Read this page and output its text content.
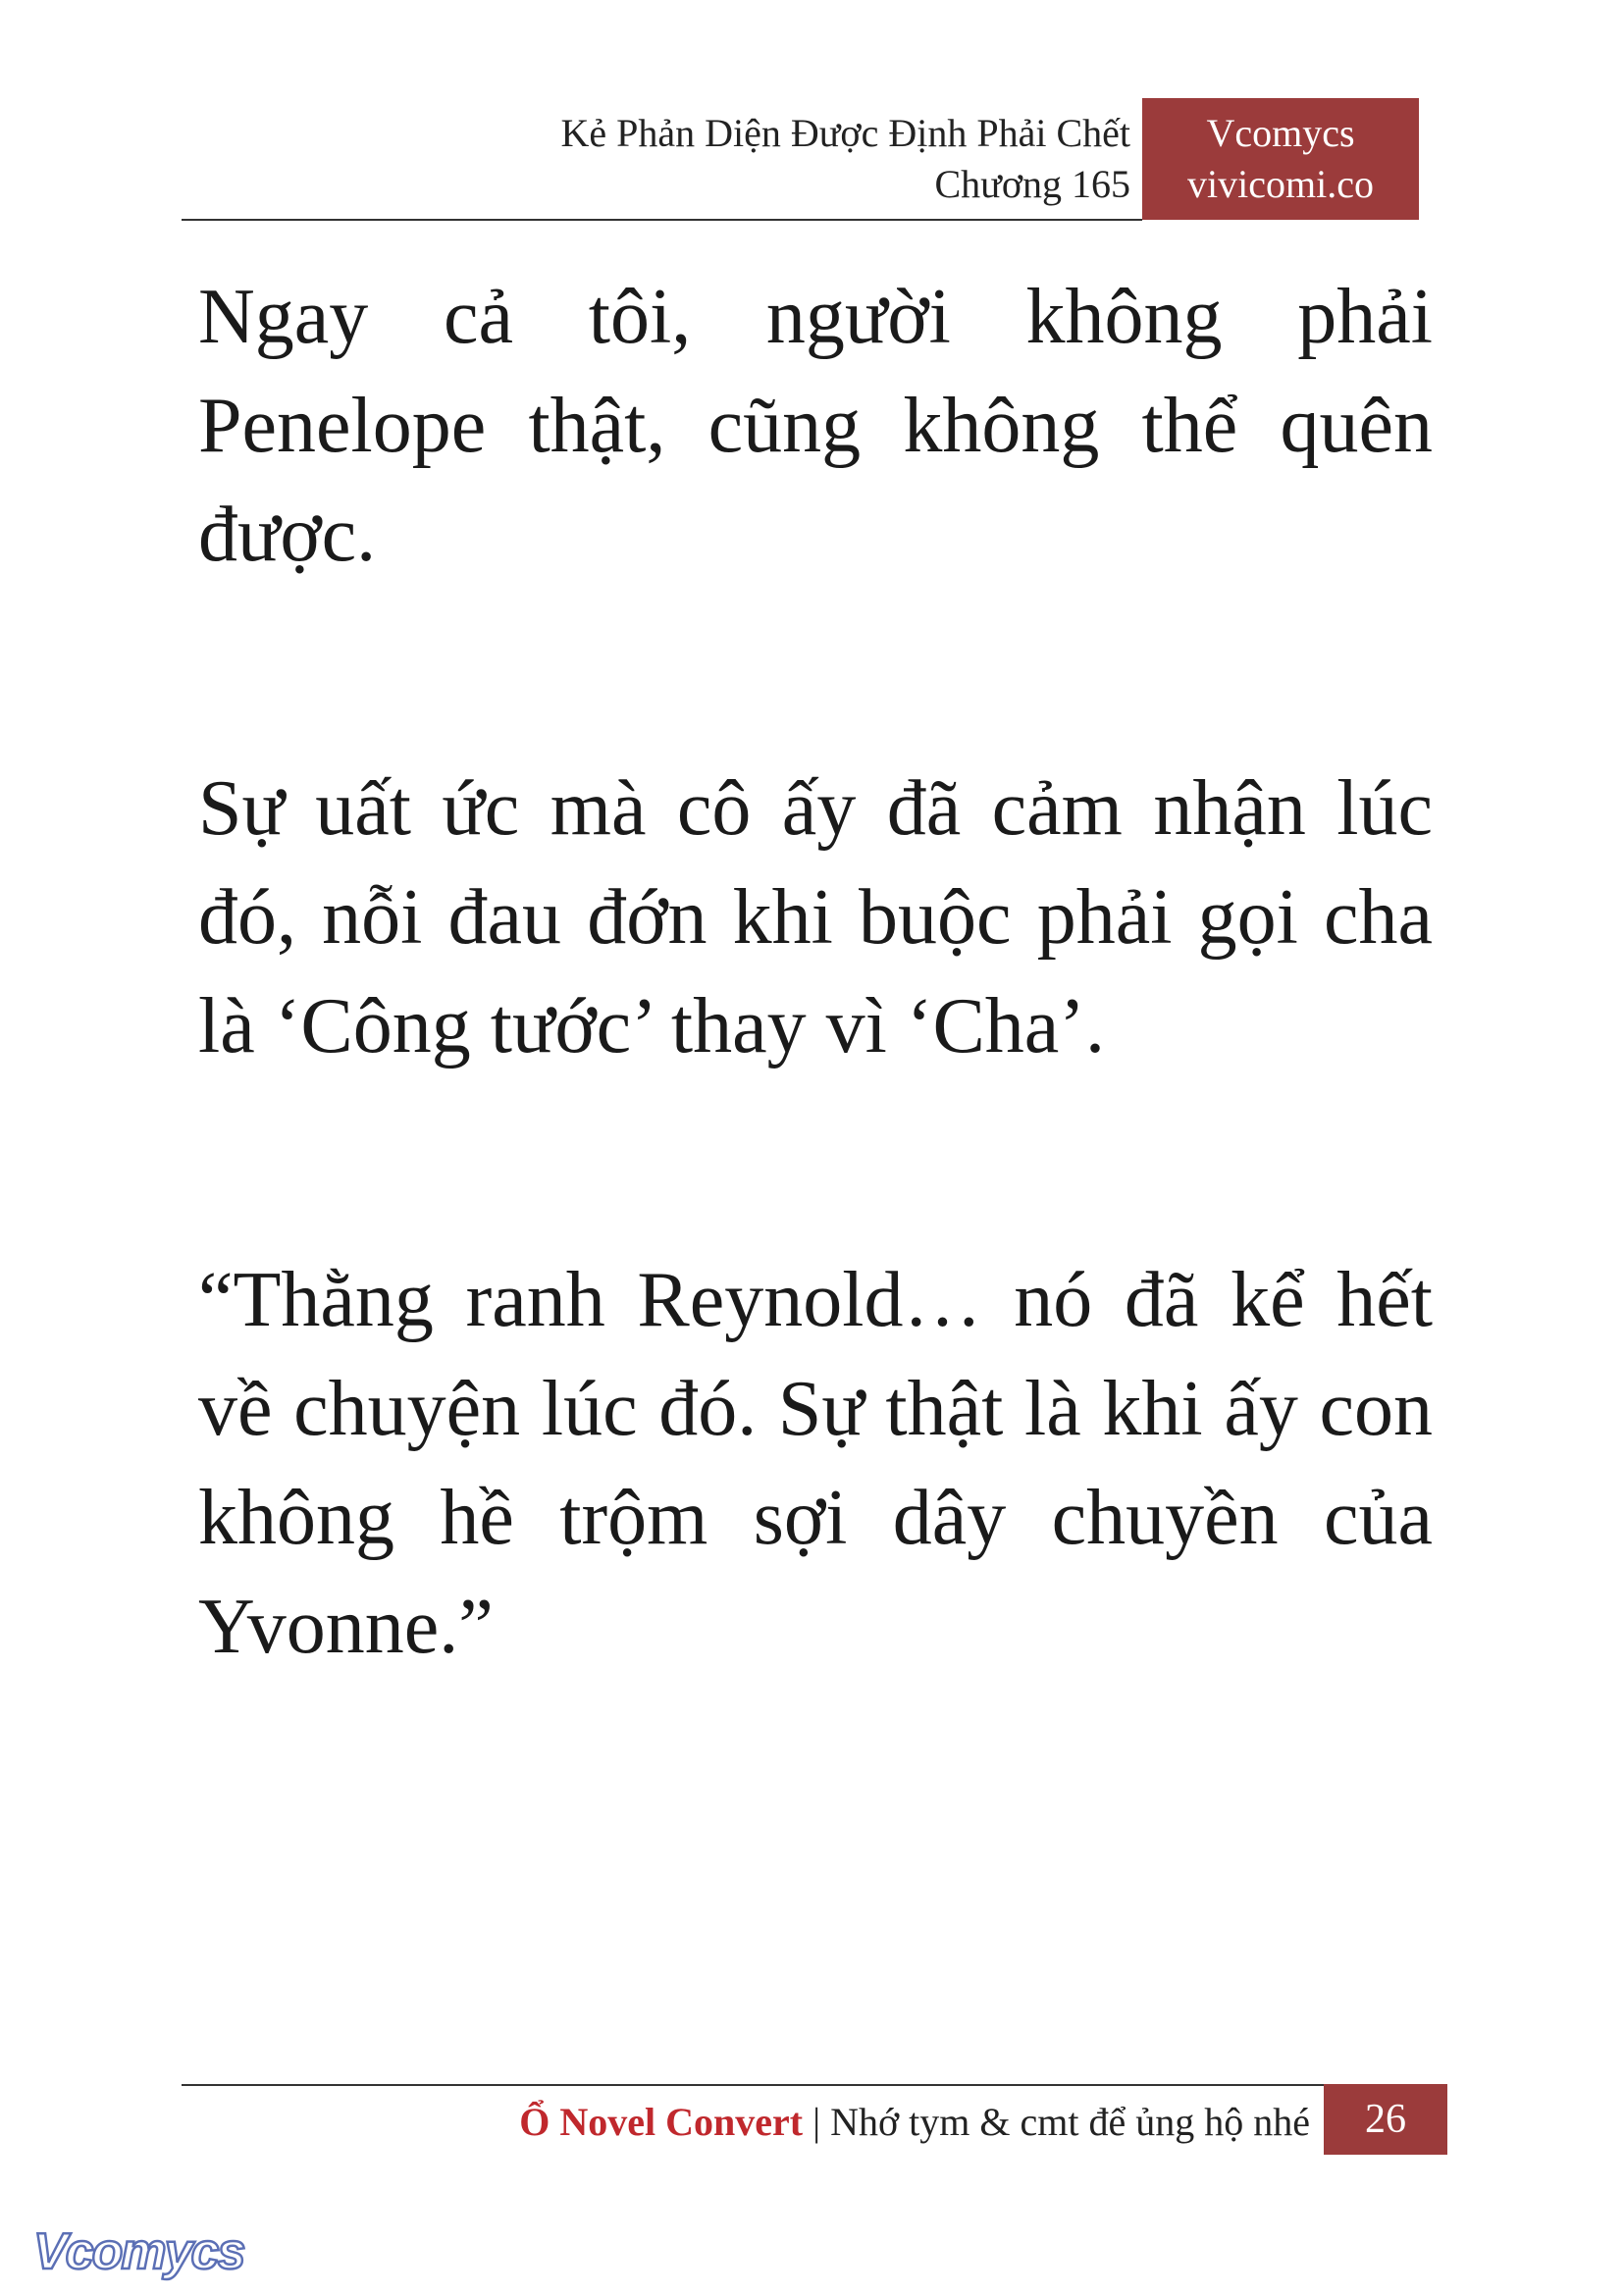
Kẻ Phản Diện Được Định Phải Chết
Chương 165
Vcomycs
vivicomi.co

Ngay cả tôi, người không phải Penelope thật, cũng không thể quên được.

Sự uất ức mà cô ấy đã cảm nhận lúc đó, nỗi đau đớn khi buộc phải gọi cha là ‘Công tước’ thay vì ‘Cha’.

“Thằng ranh Reynold… nó đã kể hết về chuyện lúc đó. Sự thật là khi ấy con không hề trộm sợi dây chuyền của Yvonne.”

Ổ Novel Convert | Nhớ tym & cmt để ủng hộ nhé	26
Vcomycs
